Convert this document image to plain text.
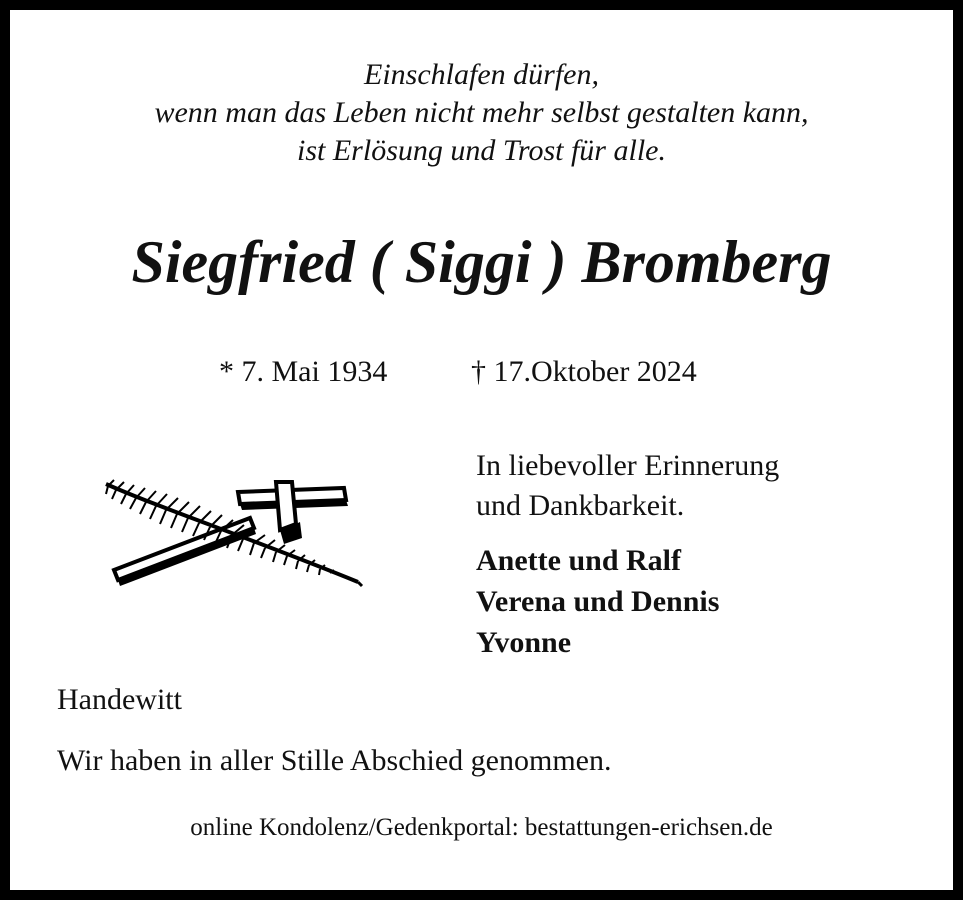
Einschlafen dürfen,
wenn man das Leben nicht mehr selbst gestalten kann,
ist Erlösung und Trost für alle.
Siegfried ( Siggi ) Bromberg
* 7. Mai 1934	† 17.Oktober 2024
In liebevoller Erinnerung
und Dankbarkeit.
Anette und Ralf
Verena und Dennis
Yvonne
Handewitt
Wir haben in aller Stille Abschied genommen.
online Kondolenz/Gedenkportal: bestattungen-erichsen.de
